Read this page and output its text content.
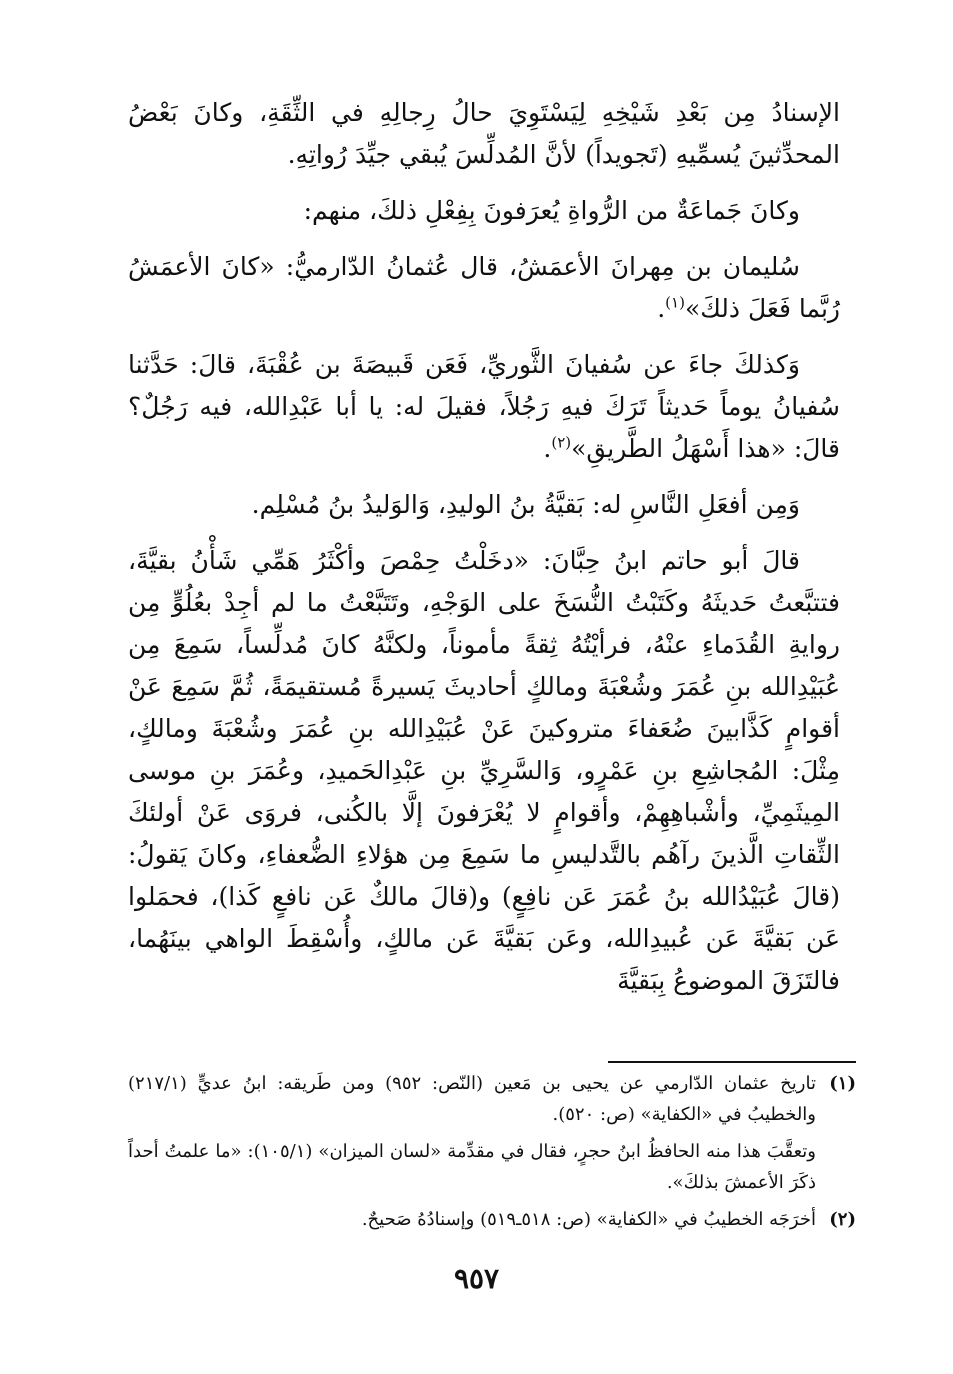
الإسنادُ مِن بَعْدِ شَيْخِهِ لِيَسْتَوِيَ حالُ رِجالِهِ في الثِّقَةِ، وكانَ بَعْضُ المحدِّثينَ يُسمِّيهِ (تَجويداً) لأنَّ المُدلِّسَ يُبقي جيِّدَ رُواتِهِ.

وكانَ جَماعَةٌ من الرُّواةِ يُعرَفونَ بِفِعْلِ ذلكَ، منهم:

سُليمان بن مِهرانَ الأعمَشُ، قال عُثمانُ الدّارميُّ: «كانَ الأعمَشُ رُبَّما فَعَلَ ذلكَ»$^{(١)}$.

وَكذلكَ جاءَ عن سُفيانَ الثَّوريِّ، فَعَن قَبيصَةَ بن عُقْبَةَ، قالَ: حَدَّثنا سُفيانُ يوماً حَديثاً تَرَكَ فيهِ رَجُلاً، فقيلَ له: يا أبا عَبْدِالله، فيه رَجُلٌ؟ قالَ: «هذا أَسْهَلُ الطَّريقِ»$^{(٢)}$.

وَمِن أفعَلِ النَّاسِ له: بَقيَّةُ بنُ الوليدِ، وَالوَليدُ بنُ مُسْلِم.

قالَ أبو حاتم ابنُ حِبَّانَ: «دخَلْتُ حِمْصَ وأكْثَرُ هَمِّي شَأْنُ بقيَّةَ، فتتبَّعتُ حَديثَهُ وكَتَبْتُ النُّسَخَ على الوَجْهِ، وتَتَبَّعْتُ ما لم أجِدْ بعُلُوٍّ مِن روايةِ القُدَماءِ عنْهُ، فرأيْتُهُ ثِقةً مأموناً، ولكنَّهُ كانَ مُدلِّساً، سَمِعَ مِن عُبَيْدِالله بنِ عُمَرَ وشُعْبَةَ ومالكٍ أحاديثَ يَسيرةً مُستقيمَةً، ثُمَّ سَمِعَ عَنْ أقوامٍ كَذَّابينَ ضُعَفاءَ متروكينَ عَنْ عُبَيْدِالله بنِ عُمَرَ وشُعْبَةَ ومالكٍ، مِثْلَ: المُجاشِعِ بنِ عَمْرٍو، وَالسَّرِيِّ بنِ عَبْدِالحَميدِ، وعُمَرَ بنِ موسى المِيثَمِيِّ، وأشْباهِهِمْ، وأقوامٍ لا يُعْرَفونَ إلَّا بالكُنى، فروَى عَنْ أولئكَ الثِّقاتِ الَّذينَ رآهُم بالتَّدليسِ ما سَمِعَ مِن هؤلاءِ الضُّعفاءِ، وكانَ يَقولُ: (قالَ عُبَيْدُالله بنُ عُمَرَ عَن نافِعٍ) و(قالَ مالكٌ عَن نافعٍ كَذا)، فحمَلوا عَن بَقيَّةَ عَن عُبيدِالله، وعَن بَقيَّةَ عَن مالكٍ، وأُسْقِطَ الواهي بينَهُما، فالتَزَقَ الموضوعُ بِبَقيَّةَ

(١)
تاريخ عثمان الدّارمي عن يحيى بن مَعين (النّص: ٩٥٢) ومن طَريقه: ابنُ عديٍّ (٢١٧/١) والخطيبُ في «الكفاية» (ص: ٥٢٠).
وتعقَّبَ هذا منه الحافظُ ابنُ حجرٍ، فقال في مقدِّمة «لسان الميزان» (١٠٥/١): «ما علمتُ أحداً ذكَرَ الأعمشَ بذلكَ».
(٢)
أخرَجَه الخطيبُ في «الكفاية» (ص: ٥١٨ـ٥١٩) وإسنادُهُ صَحيحٌ.
٩٥٧
